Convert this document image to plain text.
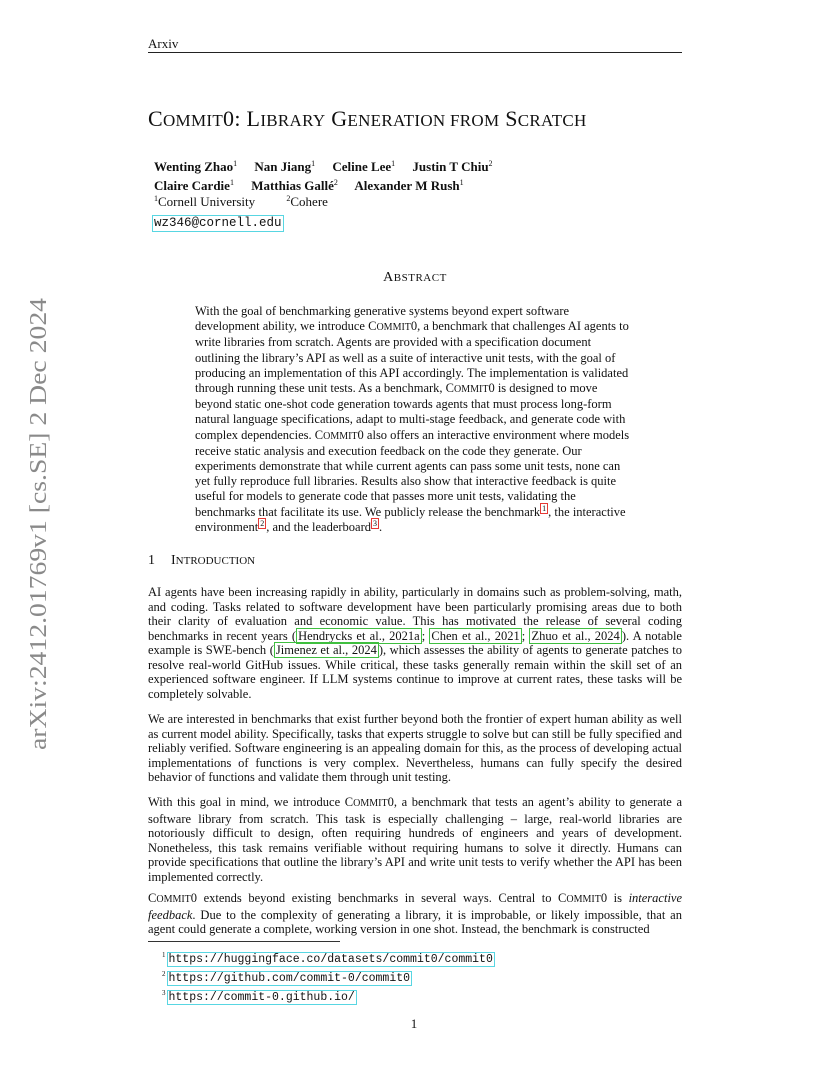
Arxiv
arXiv:2412.01769v1 [cs.SE] 2 Dec 2024
COMMIT0: LIBRARY GENERATION FROM SCRATCH
Wenting Zhao$^1$ Nan Jiang$^1$ Celine Lee$^1$ Justin T Chiu$^2$
Claire Cardie$^1$ Matthias Gallé$^2$ Alexander M Rush$^1$
$^1$Cornell University	$^2$Cohere
wz346@cornell.edu
ABSTRACT

With the goal of benchmarking generative systems beyond expert software development ability, we introduce COMMIT0, a benchmark that challenges AI agents to write libraries from scratch. Agents are provided with a specification document outlining the library’s API as well as a suite of interactive unit tests, with the goal of producing an implementation of this API accordingly. The implementation is validated through running these unit tests. As a benchmark, COMMIT0 is designed to move beyond static one-shot code generation towards agents that must process long-form natural language specifications, adapt to multi-stage feedback, and generate code with complex dependencies. COMMIT0 also offers an interactive environment where models receive static analysis and execution feedback on the code they generate. Our experiments demonstrate that while current agents can pass some unit tests, none can yet fully reproduce full libraries. Results also show that interactive feedback is quite useful for models to generate code that passes more unit tests, validating the benchmarks that facilitate its use. We publicly release the benchmark $^1$ , the interactive environment $^2$ , and the leaderboard $^3$ .

1 INTRODUCTION

AI agents have been increasing rapidly in ability, particularly in domains such as problem-solving, math, and coding. Tasks related to software development have been particularly promising areas due to both their clarity of evaluation and economic value. This has motivated the release of several coding benchmarks in recent years ( Hendrycks et al., 2021a ; Chen et al., 2021 ; Zhuo et al., 2024 ). A notable example is SWE-bench ( Jimenez et al., 2024 ), which assesses the ability of agents to generate patches to resolve real-world GitHub issues. While critical, these tasks generally remain within the skill set of an experienced software engineer. If LLM systems continue to improve at current rates, these tasks will be completely solvable.

We are interested in benchmarks that exist further beyond both the frontier of expert human ability as well as current model ability. Specifically, tasks that experts struggle to solve but can still be fully specified and reliably verified. Software engineering is an appealing domain for this, as the process of developing actual implementations of functions is very complex. Nevertheless, humans can fully specify the desired behavior of functions and validate them through unit testing.

With this goal in mind, we introduce COMMIT0, a benchmark that tests an agent’s ability to generate a software library from scratch. This task is especially challenging – large, real-world libraries are notoriously difficult to design, often requiring hundreds of engineers and years of development. Nonetheless, this task remains verifiable without requiring humans to solve it directly. Humans can provide specifications that outline the library’s API and write unit tests to verify whether the API has been implemented correctly.

COMMIT0 extends beyond existing benchmarks in several ways. Central to COMMIT0 is interactive feedback. Due to the complexity of generating a library, it is improbable, or likely impossible, that an agent could generate a complete, working version in one shot. Instead, the benchmark is constructed

$^1$ https://huggingface.co/datasets/commit0/commit0
$^2$ https://github.com/commit-0/commit0
$^3$ https://commit-0.github.io/
1
